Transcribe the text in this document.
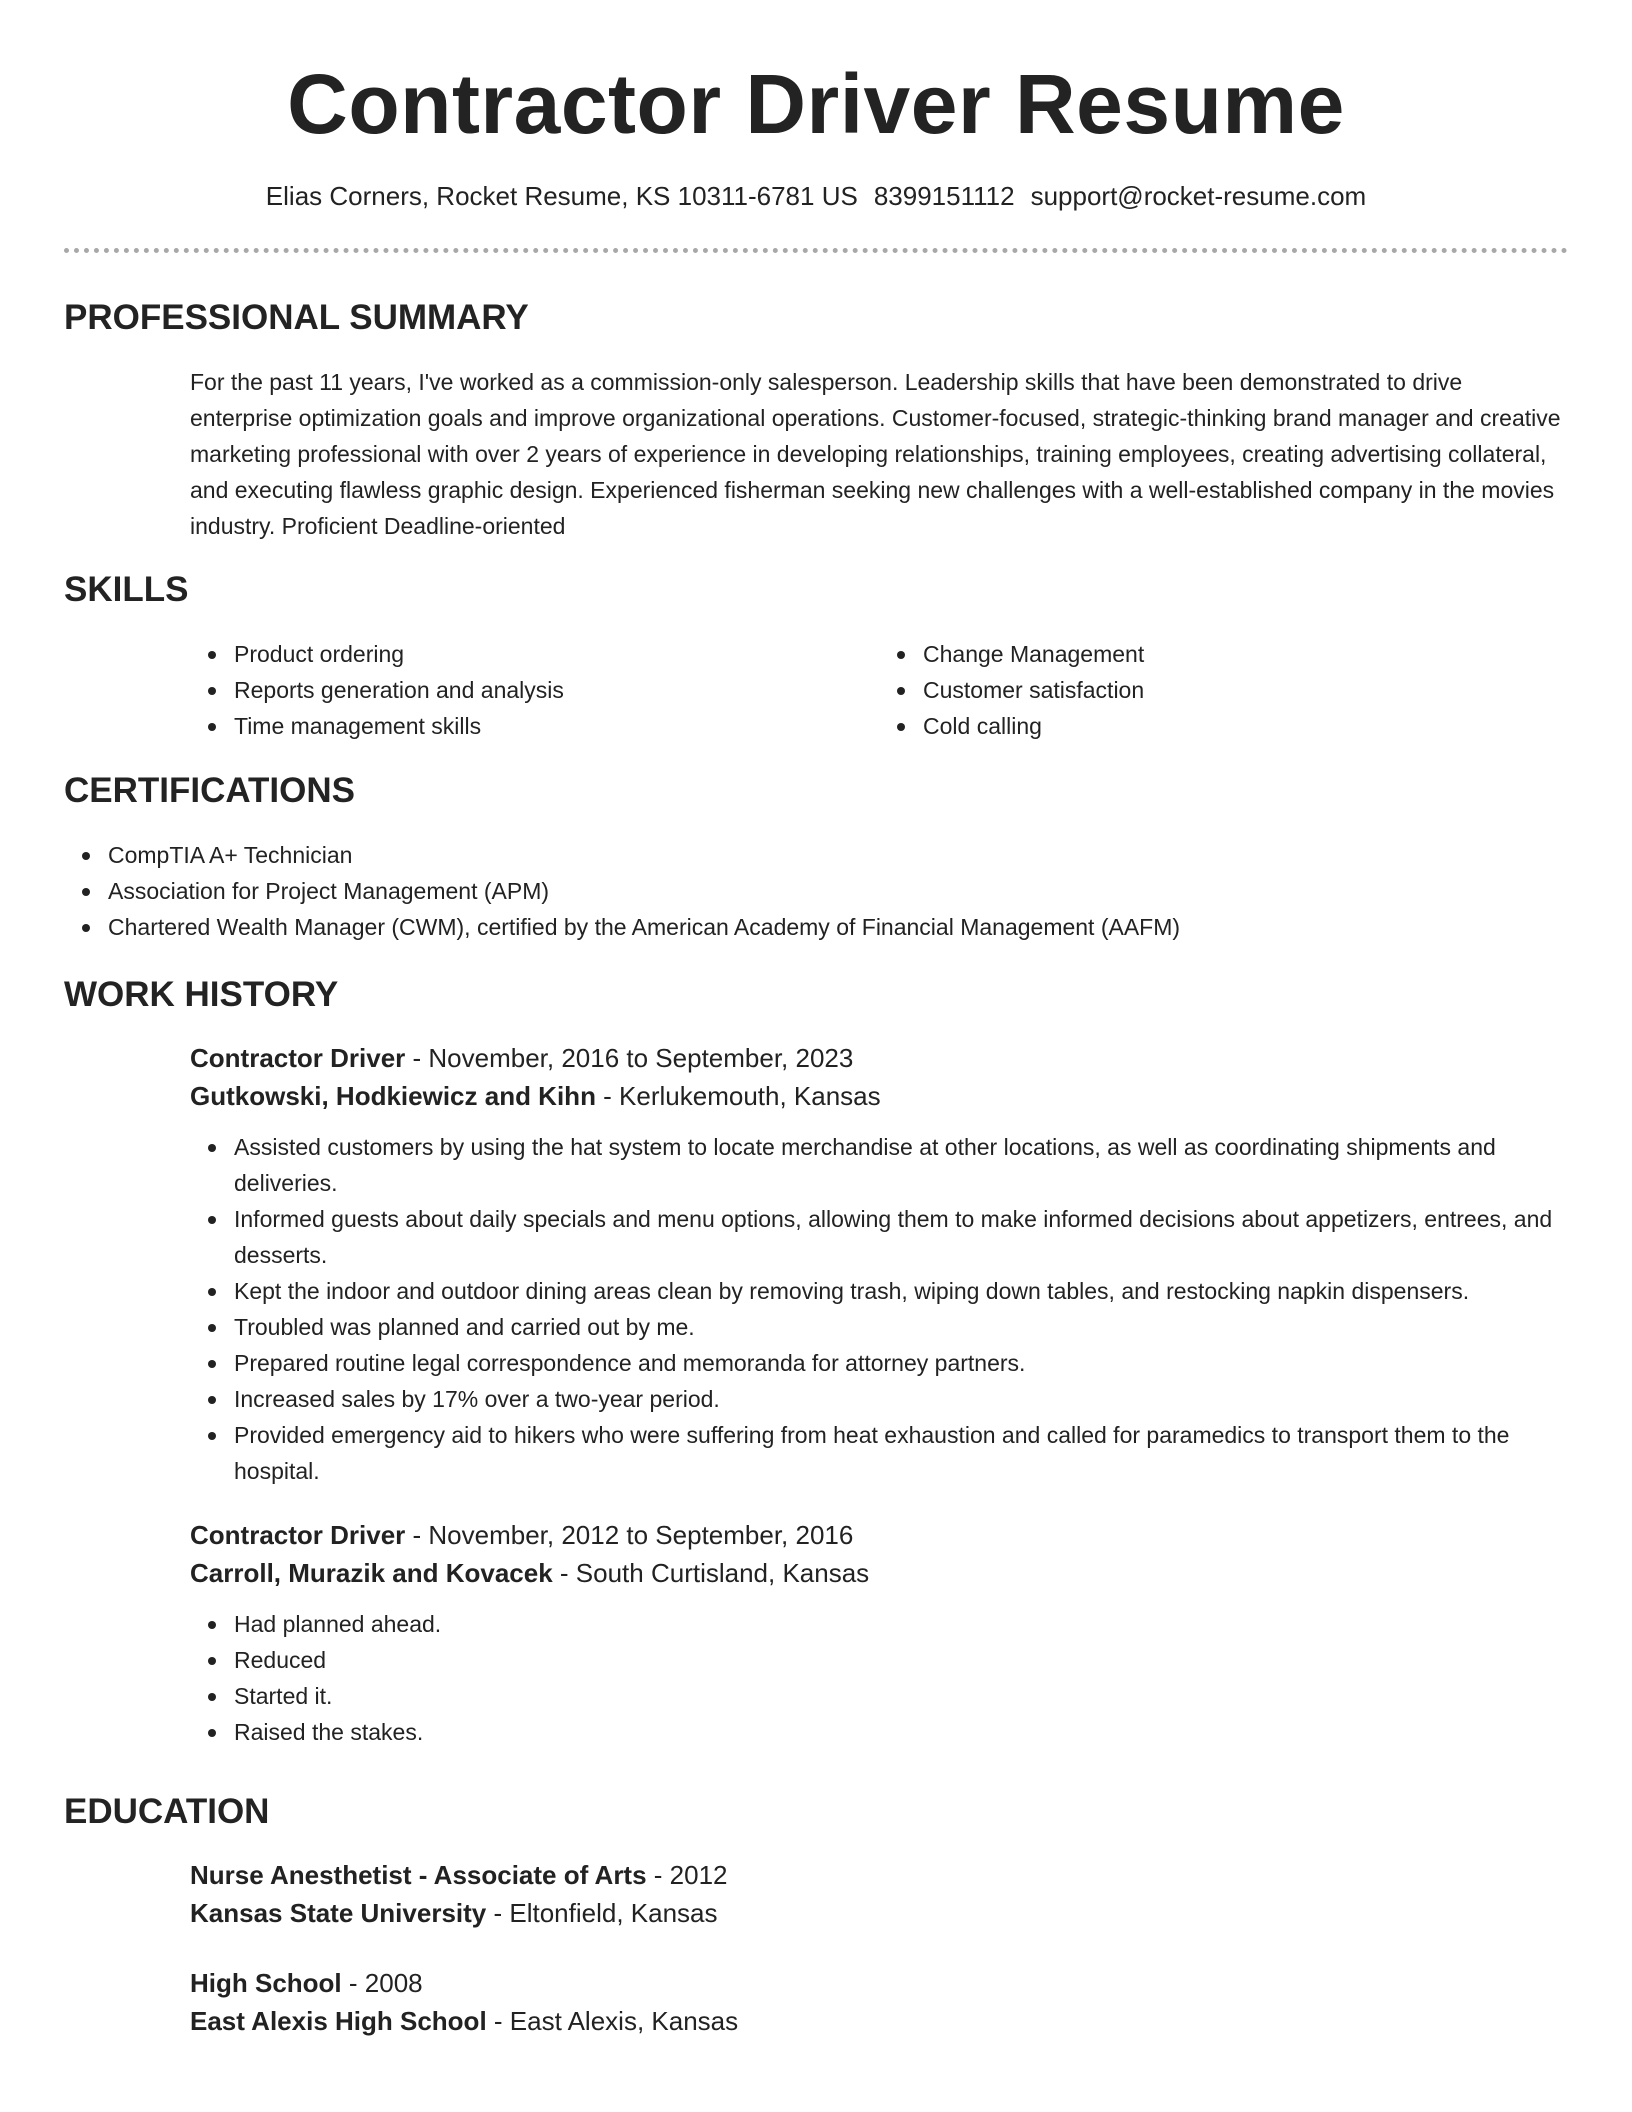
Contractor Driver Resume
Elias Corners, Rocket Resume, KS 10311-6781 US 8399151112 support@rocket-resume.com
PROFESSIONAL SUMMARY
For the past 11 years, I've worked as a commission-only salesperson. Leadership skills that have been demonstrated to drive enterprise optimization goals and improve organizational operations. Customer-focused, strategic-thinking brand manager and creative marketing professional with over 2 years of experience in developing relationships, training employees, creating advertising collateral, and executing flawless graphic design. Experienced fisherman seeking new challenges with a well-established company in the movies industry. Proficient Deadline-oriented
SKILLS
Product ordering
Reports generation and analysis
Time management skills
Change Management
Customer satisfaction
Cold calling
CERTIFICATIONS
CompTIA A+ Technician
Association for Project Management (APM)
Chartered Wealth Manager (CWM), certified by the American Academy of Financial Management (AAFM)
WORK HISTORY
Contractor Driver - November, 2016 to September, 2023
Gutkowski, Hodkiewicz and Kihn - Kerlukemouth, Kansas
Assisted customers by using the hat system to locate merchandise at other locations, as well as coordinating shipments and deliveries.
Informed guests about daily specials and menu options, allowing them to make informed decisions about appetizers, entrees, and desserts.
Kept the indoor and outdoor dining areas clean by removing trash, wiping down tables, and restocking napkin dispensers.
Troubled was planned and carried out by me.
Prepared routine legal correspondence and memoranda for attorney partners.
Increased sales by 17% over a two-year period.
Provided emergency aid to hikers who were suffering from heat exhaustion and called for paramedics to transport them to the hospital.
Contractor Driver - November, 2012 to September, 2016
Carroll, Murazik and Kovacek - South Curtisland, Kansas
Had planned ahead.
Reduced
Started it.
Raised the stakes.
EDUCATION
Nurse Anesthetist - Associate of Arts - 2012
Kansas State University - Eltonfield, Kansas
High School - 2008
East Alexis High School - East Alexis, Kansas
